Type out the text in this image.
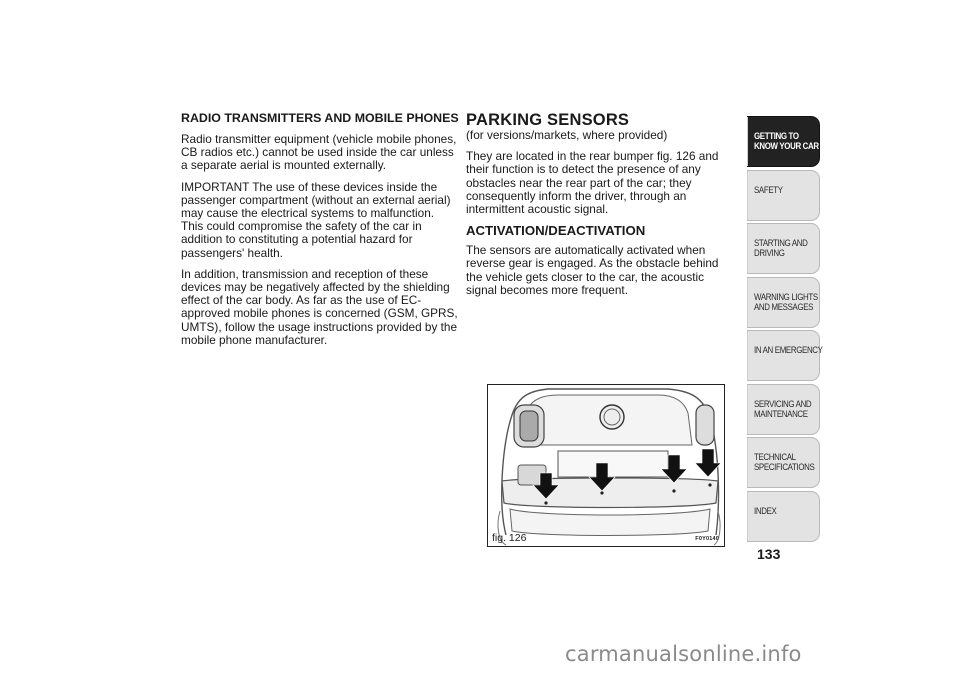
RADIO TRANSMITTERS AND MOBILE PHONES

Radio transmitter equipment (vehicle mobile phones, CB radios etc.) cannot be used inside the car unless a separate aerial is mounted externally.

IMPORTANT The use of these devices inside the passenger compartment (without an external aerial) may cause the electrical systems to malfunction. This could compromise the safety of the car in addition to constituting a potential hazard for passengers' health.

In addition, transmission and reception of these devices may be negatively affected by the shielding effect of the car body. As far as the use of EC-approved mobile phones is concerned (GSM, GPRS, UMTS), follow the usage instructions provided by the mobile phone manufacturer.

PARKING SENSORS

(for versions/markets, where provided)

They are located in the rear bumper fig. 126 and their function is to detect the presence of any obstacles near the rear part of the car; they consequently inform the driver, through an intermittent acoustic signal.

ACTIVATION/DEACTIVATION

The sensors are automatically activated when reverse gear is engaged. As the obstacle behind the vehicle gets closer to the car, the acoustic signal becomes more frequent.

fig. 126	F0Y0140
GETTING TO
KNOW YOUR CAR
SAFETY
STARTING AND
DRIVING
WARNING LIGHTS
AND MESSAGES
IN AN EMERGENCY
SERVICING AND
MAINTENANCE
TECHNICAL
SPECIFICATIONS
INDEX
133
carmanualsonline.info
